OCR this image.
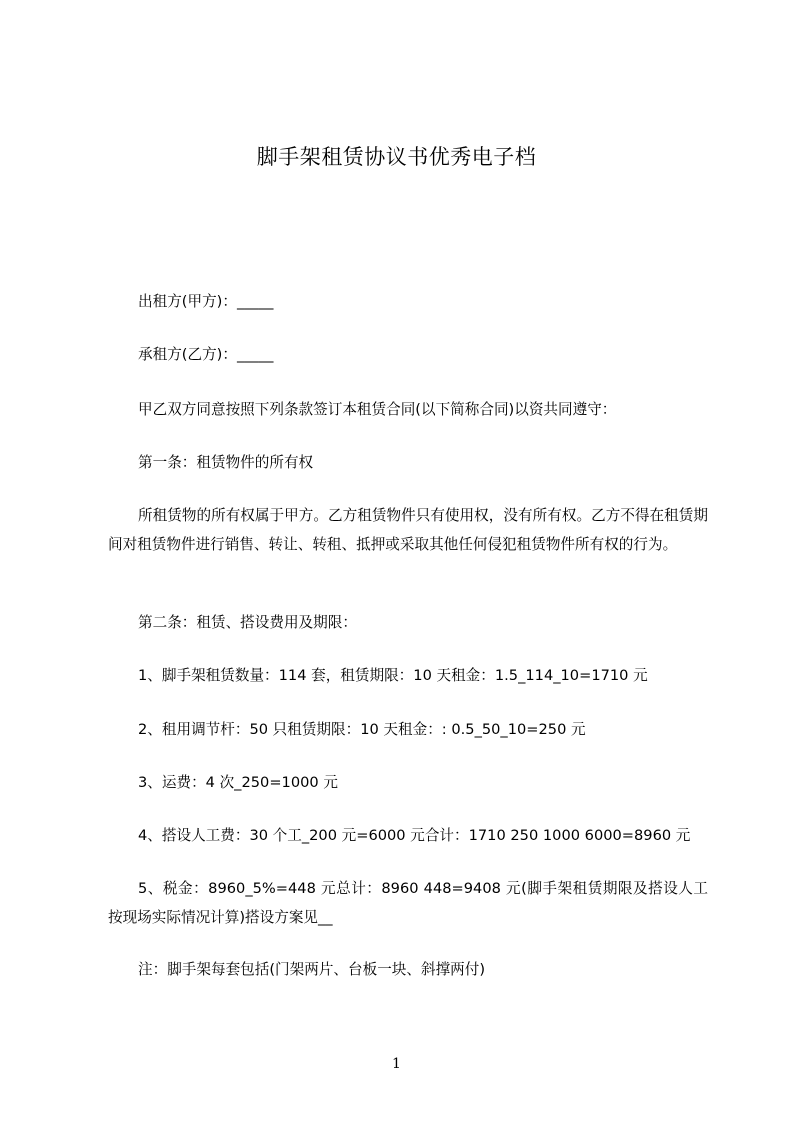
脚手架租赁协议书优秀电子档
出租方(甲方)：_____
承租方(乙方)：_____
甲乙双方同意按照下列条款签订本租赁合同(以下简称合同)以资共同遵守：
第一条：租赁物件的所有权
所租赁物的所有权属于甲方。乙方租赁物件只有使用权，没有所有权。乙方不得在租赁期间对租赁物件进行销售、转让、转租、抵押或采取其他任何侵犯租赁物件所有权的行为。
第二条：租赁、搭设费用及期限：
1、脚手架租赁数量：114 套，租赁期限：10 天租金：1.5_114_10=1710 元
2、租用调节杆：50 只租赁期限：10 天租金：: 0.5_50_10=250 元
3、运费：4 次_250=1000 元
4、搭设人工费：30 个工_200 元=6000 元合计：1710 250 1000 6000=8960 元
5、税金：8960_5%=448 元总计：8960 448=9408 元(脚手架租赁期限及搭设人工按现场实际情况计算)搭设方案见__
注：脚手架每套包括(门架两片、台板一块、斜撑两付)
1
